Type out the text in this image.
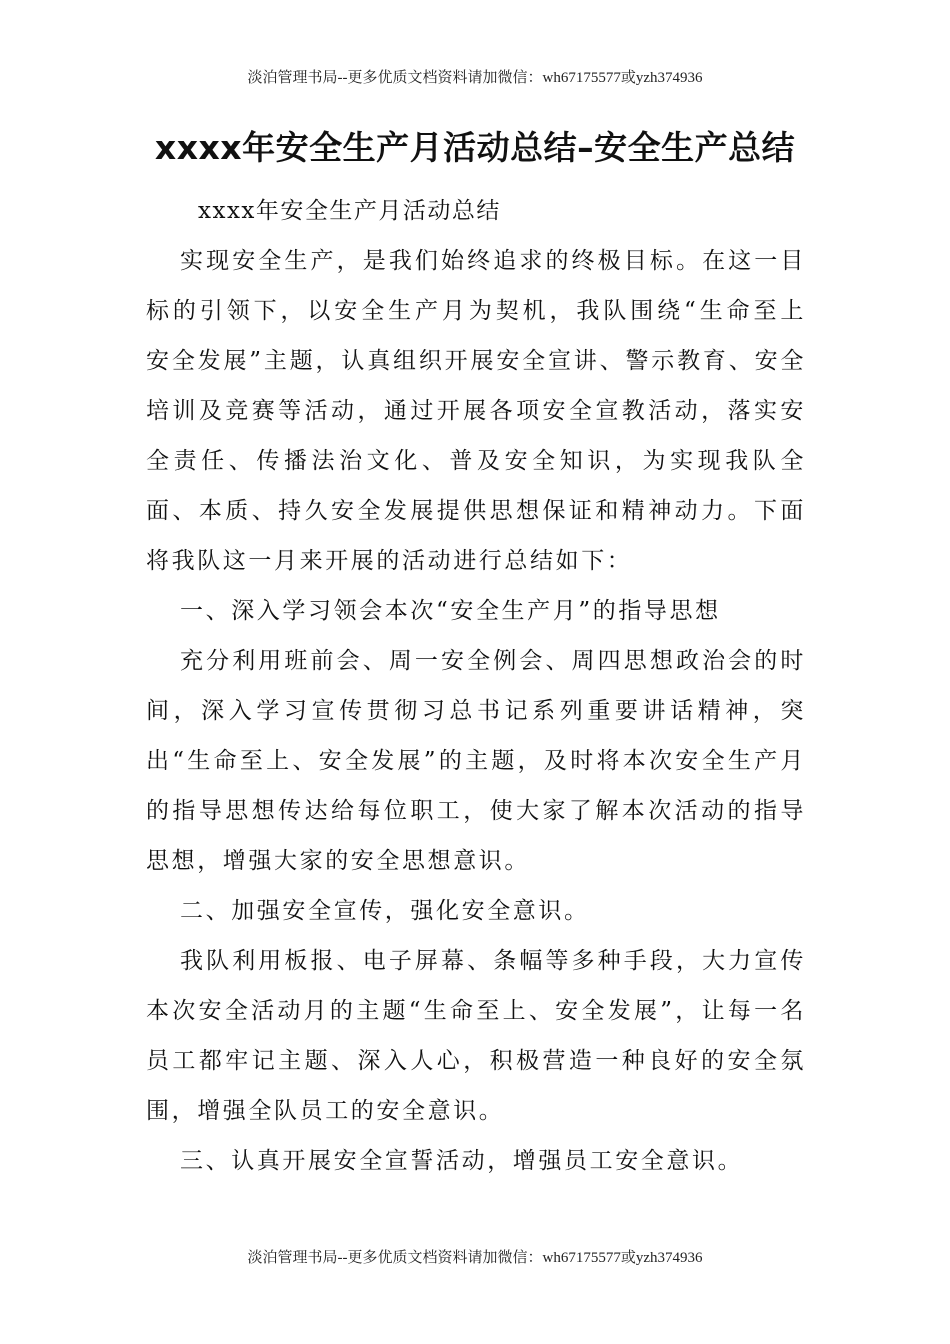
淡泊管理书局--更多优质文档资料请加微信：wh67175577或yzh374936
xxxx年安全生产月活动总结–安全生产总结

xxxx年安全生产月活动总结

实现安全生产，是我们始终追求的终极目标。在这一目标的引领下，以安全生产月为契机，我队围绕“生命至上 安全发展”主题，认真组织开展安全宣讲、警示教育、安全培训及竞赛等活动，通过开展各项安全宣教活动，落实安全责任、传播法治文化、普及安全知识，为实现我队全面、本质、持久安全发展提供思想保证和精神动力。下面将我队这一月来开展的活动进行总结如下：

一、深入学习领会本次“安全生产月”的指导思想

充分利用班前会、周一安全例会、周四思想政治会的时间，深入学习宣传贯彻习总书记系列重要讲话精神，突出“生命至上、安全发展”的主题，及时将本次安全生产月的指导思想传达给每位职工，使大家了解本次活动的指导思想，增强大家的安全思想意识。

二、加强安全宣传，强化安全意识。

我队利用板报、电子屏幕、条幅等多种手段，大力宣传本次安全活动月的主题“生命至上、安全发展”，让每一名员工都牢记主题、深入人心，积极营造一种良好的安全氛围，增强全队员工的安全意识。

三、认真开展安全宣誓活动，增强员工安全意识。

淡泊管理书局--更多优质文档资料请加微信：wh67175577或yzh374936
